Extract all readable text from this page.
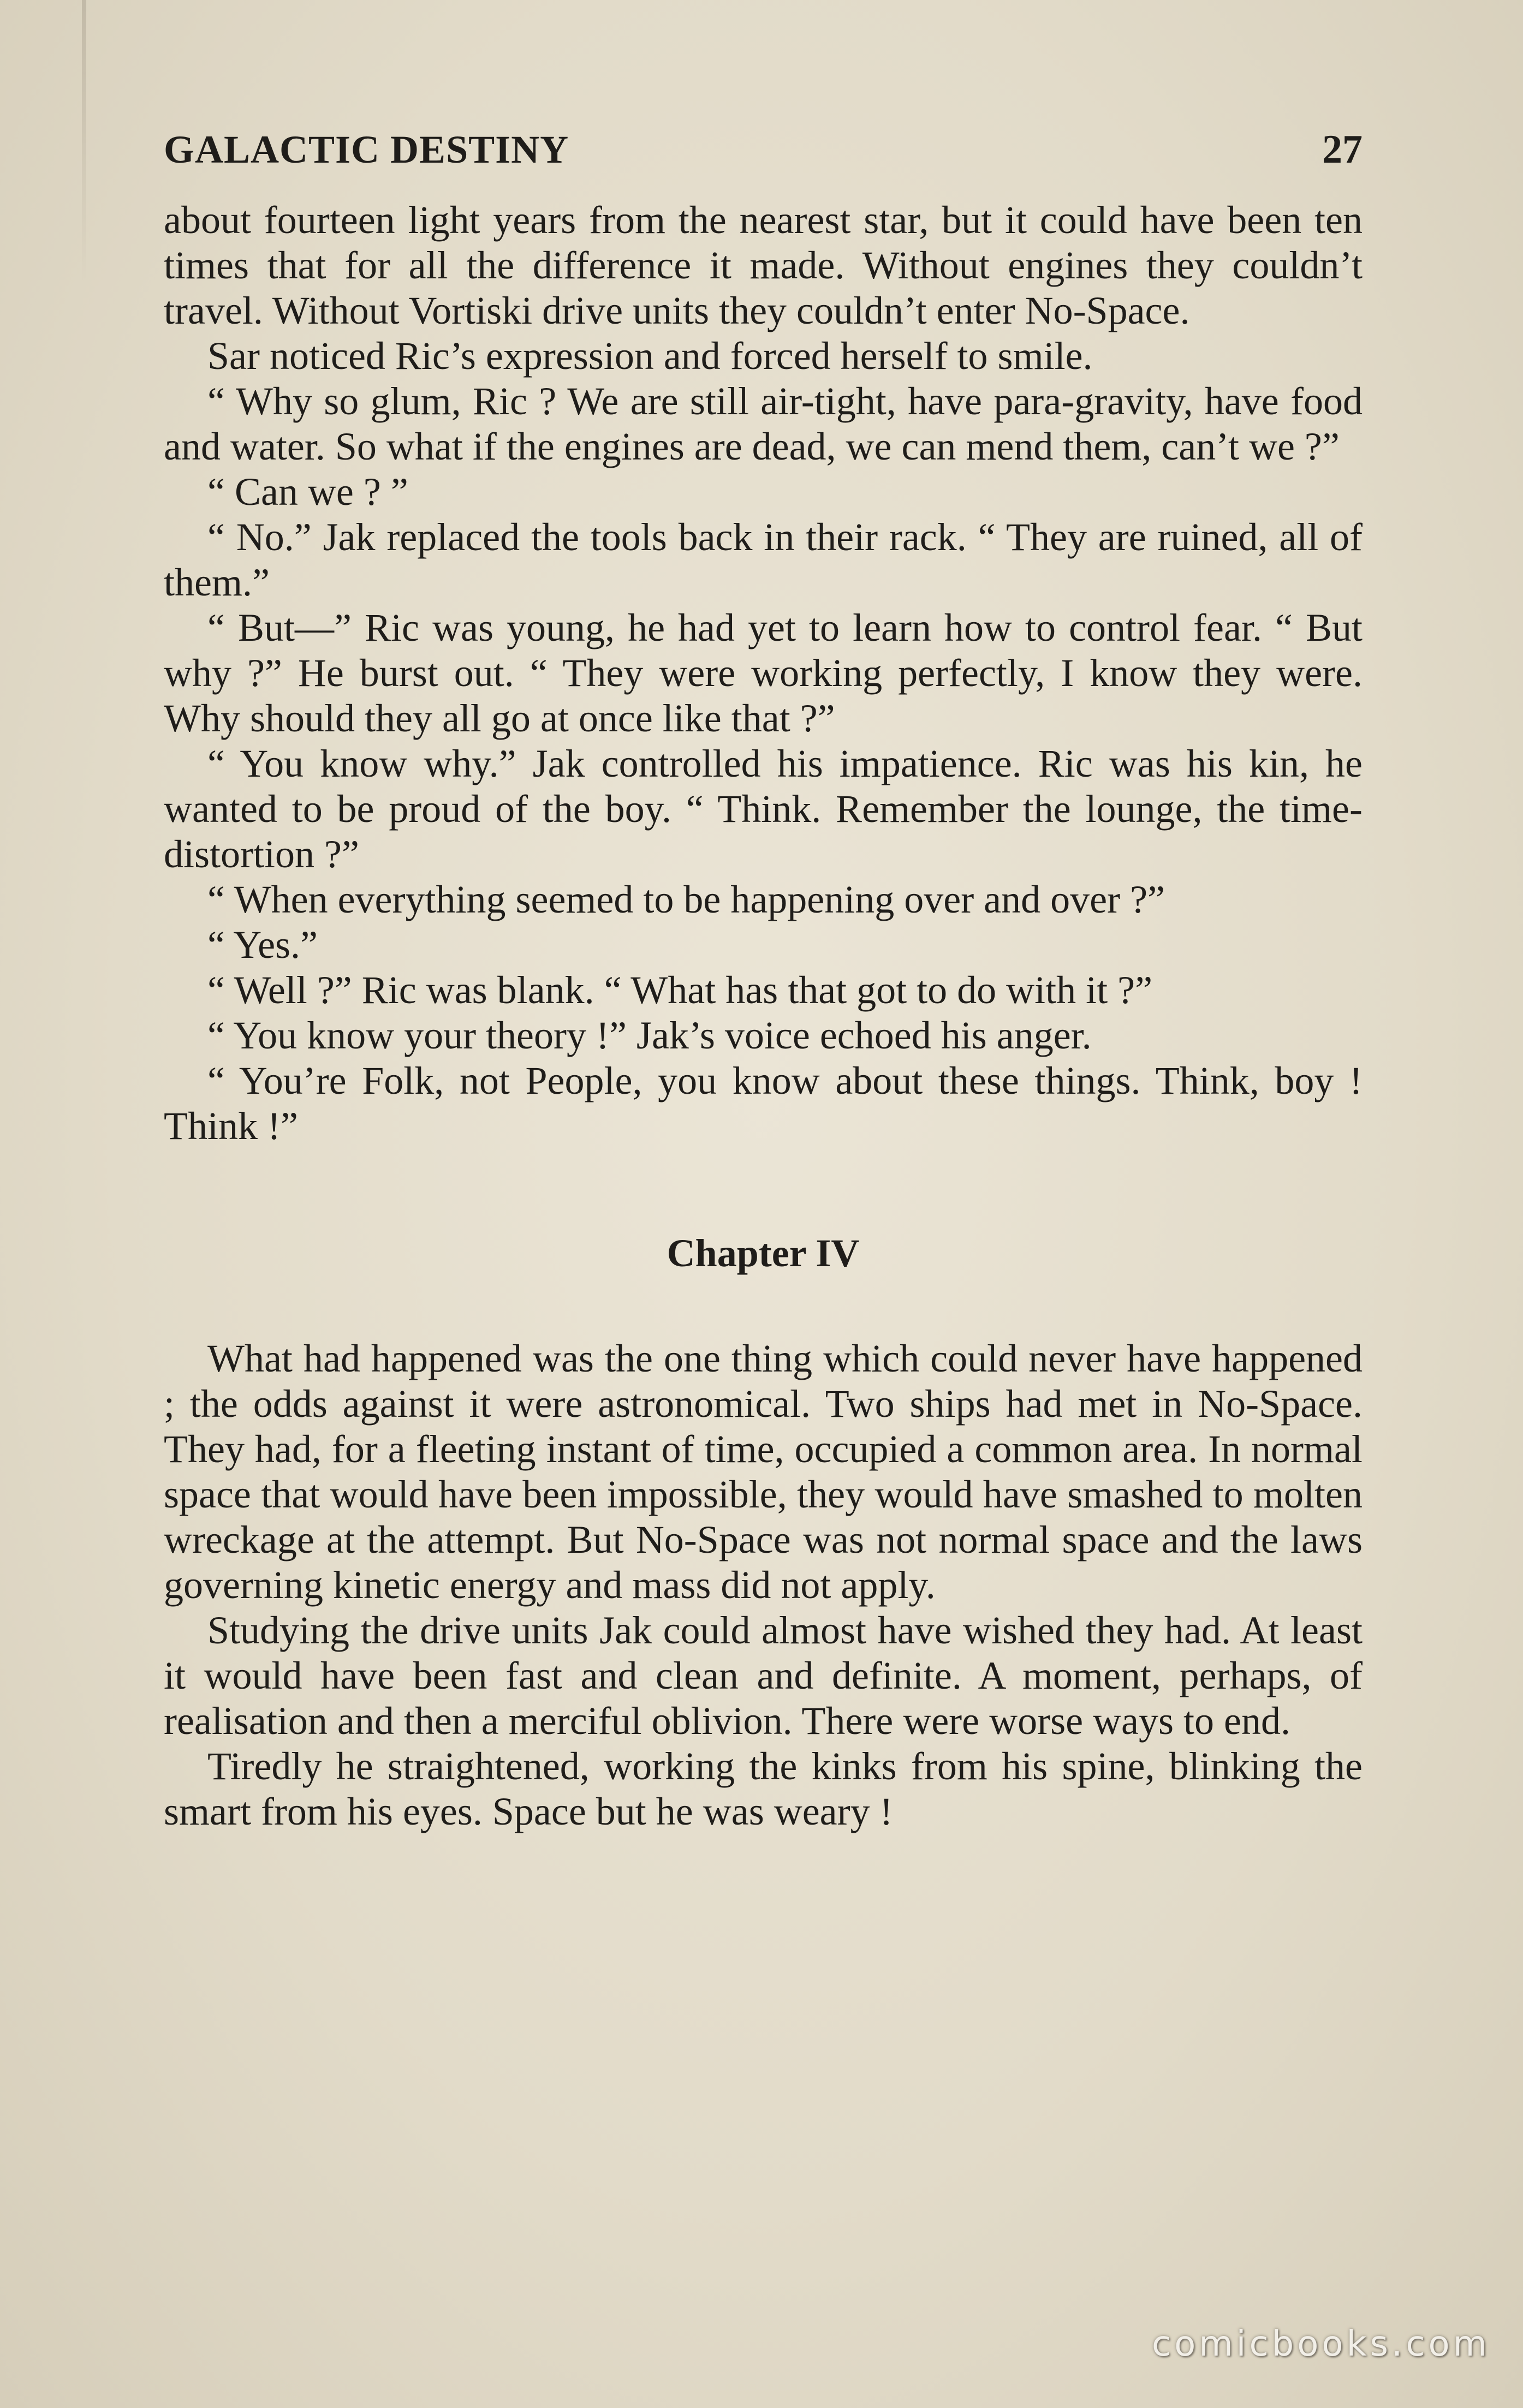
GALACTIC DESTINY	27

about fourteen light years from the nearest star, but it could have been ten times that for all the difference it made. Without engines they couldn’t travel. Without Vortiski drive units they couldn’t enter No-Space.

Sar noticed Ric’s expression and forced herself to smile.

“ Why so glum, Ric ? We are still air-tight, have para-gravity, have food and water. So what if the engines are dead, we can mend them, can’t we ?”

“ Can we ? ”

“ No.” Jak replaced the tools back in their rack. “ They are ruined, all of them.”

“ But—” Ric was young, he had yet to learn how to control fear. “ But why ?” He burst out. “ They were working perfectly, I know they were. Why should they all go at once like that ?”

“ You know why.” Jak controlled his impatience. Ric was his kin, he wanted to be proud of the boy. “ Think. Remember the lounge, the time-distortion ?”

“ When everything seemed to be happening over and over ?”

“ Yes.”

“ Well ?” Ric was blank. “ What has that got to do with it ?”

“ You know your theory !” Jak’s voice echoed his anger.

“ You’re Folk, not People, you know about these things. Think, boy ! Think !”

Chapter IV

What had happened was the one thing which could never have happened ; the odds against it were astronomical. Two ships had met in No-Space. They had, for a fleeting instant of time, occupied a common area. In normal space that would have been impossible, they would have smashed to molten wreckage at the attempt. But No-Space was not normal space and the laws governing kinetic energy and mass did not apply.

Studying the drive units Jak could almost have wished they had. At least it would have been fast and clean and definite. A moment, perhaps, of realisation and then a merciful oblivion. There were worse ways to end.

Tiredly he straightened, working the kinks from his spine, blinking the smart from his eyes. Space but he was weary !

comicbooks.com
